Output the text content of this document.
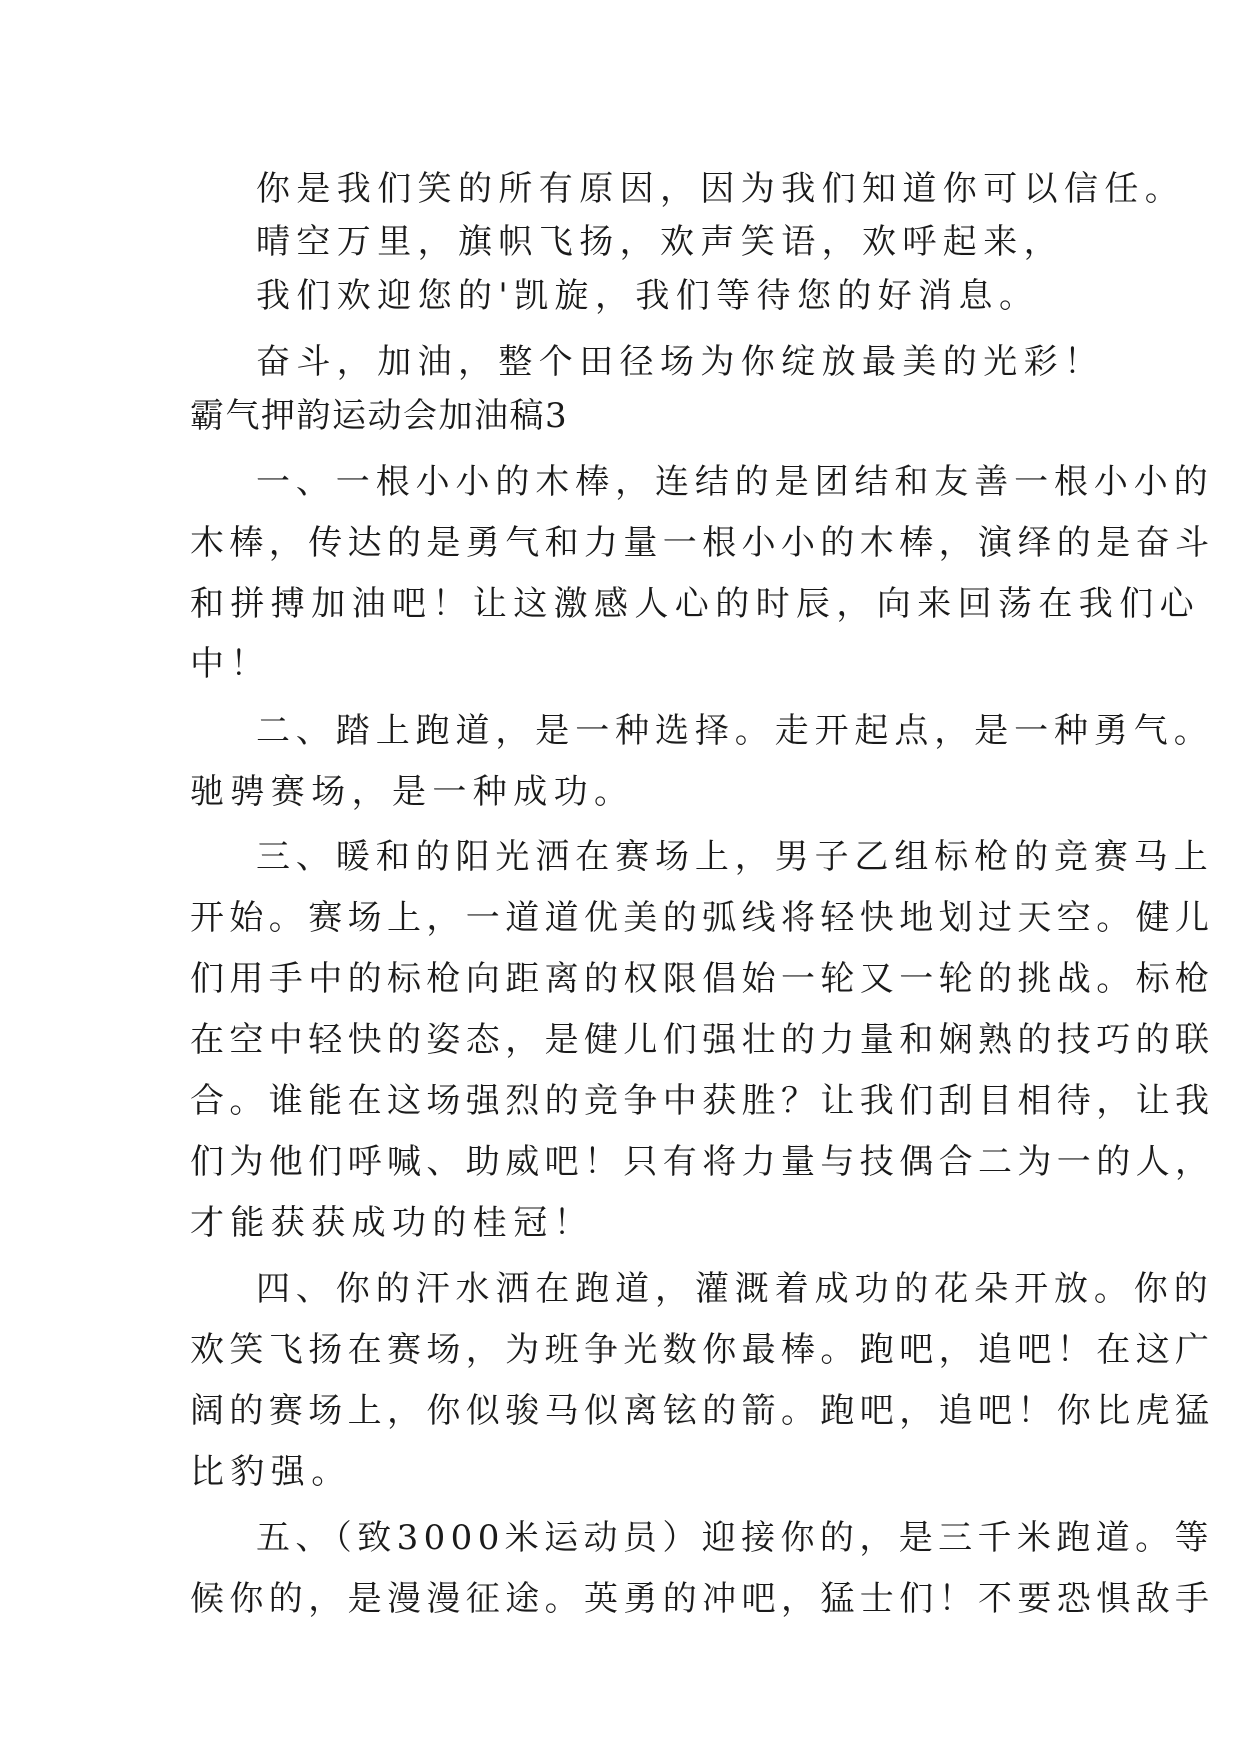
你是我们笑的所有原因，因为我们知道你可以信任。

晴空万里，旗帜飞扬，欢声笑语，欢呼起来，

我们欢迎您的'凯旋，我们等待您的好消息。

奋斗，加油，整个田径场为你绽放最美的光彩！

霸气押韵运动会加油稿3

一、一根小小的木棒，连结的是团结和友善一根小小的

木棒，传达的是勇气和力量一根小小的木棒，演绎的是奋斗

和拼搏加油吧！让这激感人心的时辰，向来回荡在我们心

中！

二、踏上跑道，是一种选择。走开起点，是一种勇气。

驰骋赛场，是一种成功。

三、暖和的阳光洒在赛场上，男子乙组标枪的竞赛马上

开始。赛场上，一道道优美的弧线将轻快地划过天空。健儿

们用手中的标枪向距离的权限倡始一轮又一轮的挑战。标枪

在空中轻快的姿态，是健儿们强壮的力量和娴熟的技巧的联

合。谁能在这场强烈的竞争中获胜？让我们刮目相待，让我

们为他们呼喊、助威吧！只有将力量与技偶合二为一的人，

才能获获成功的桂冠！

四、你的汗水洒在跑道，灌溉着成功的花朵开放。你的

欢笑飞扬在赛场，为班争光数你最棒。跑吧，追吧！在这广

阔的赛场上，你似骏马似离铉的箭。跑吧，追吧！你比虎猛

比豹强。

五、（致3000米运动员）迎接你的，是三千米跑道。等

候你的，是漫漫征途。英勇的冲吧，猛士们！不要恐惧敌手
